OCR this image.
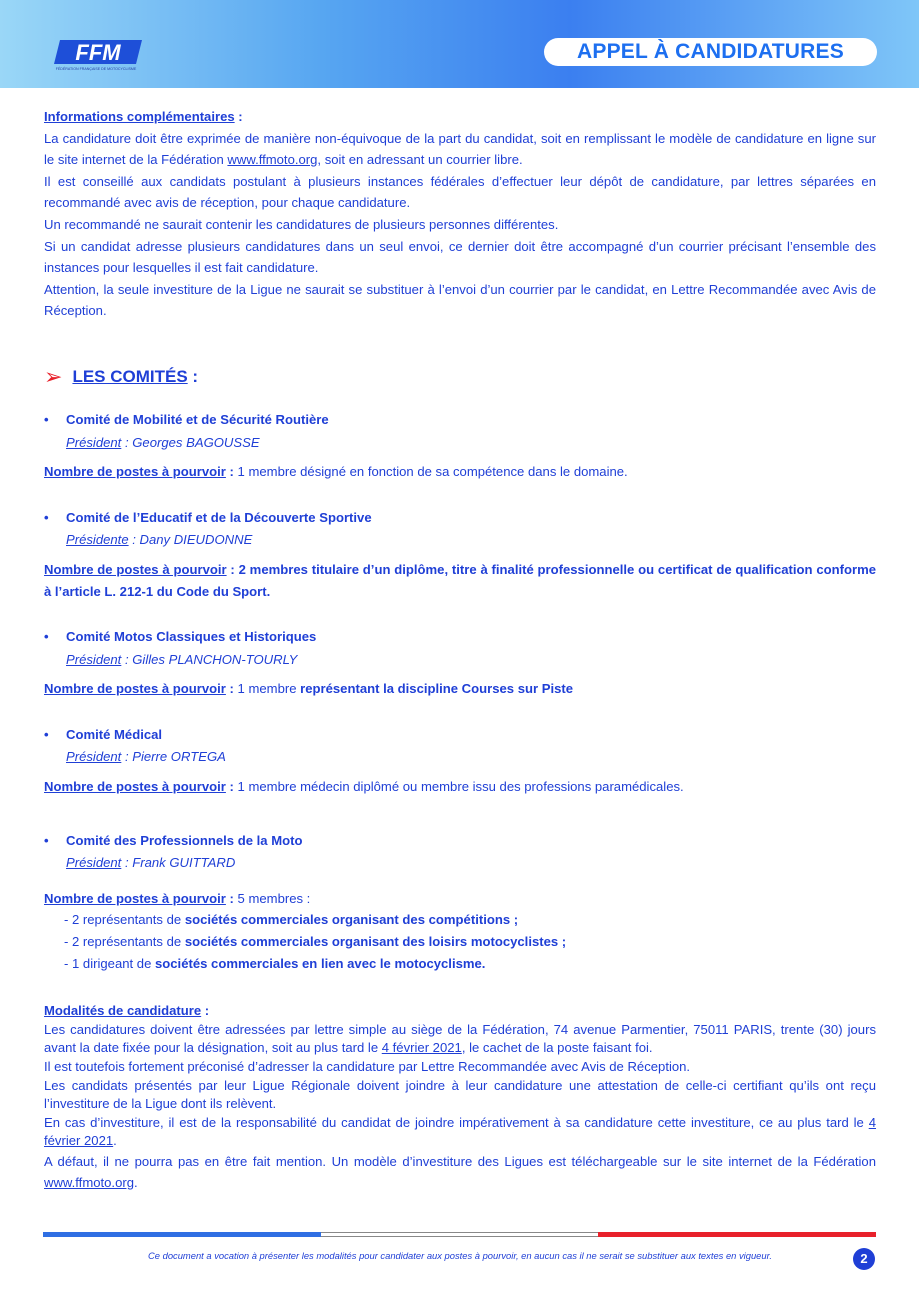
FFM
FÉDÉRATION FRANÇAISE DE MOTOCYCLISME
APPEL À CANDIDATURES
Informations complémentaires :

La candidature doit être exprimée de manière non-équivoque de la part du candidat, soit en remplissant le modèle de candidature en ligne sur le site internet de la Fédération www.ffmoto.org, soit en adressant un courrier libre.

Il est conseillé aux candidats postulant à plusieurs instances fédérales d’effectuer leur dépôt de candidature, par lettres séparées en recommandé avec avis de réception, pour chaque candidature.

Un recommandé ne saurait contenir les candidatures de plusieurs personnes différentes.

Si un candidat adresse plusieurs candidatures dans un seul envoi, ce dernier doit être accompagné d’un courrier précisant l’ensemble des instances pour lesquelles il est fait candidature.

Attention, la seule investiture de la Ligue ne saurait se substituer à l’envoi d’un courrier par le candidat, en Lettre Recommandée avec Avis de Réception.

➢ LES COMITÉS :
• Comité de Mobilité et de Sécurité Routière
Président : Georges BAGOUSSE
Nombre de postes à pourvoir : 1 membre désigné en fonction de sa compétence dans le domaine.
• Comité de l’Educatif et de la Découverte Sportive
Présidente : Dany DIEUDONNE
Nombre de postes à pourvoir : 2 membres titulaire d’un diplôme, titre à finalité professionnelle ou certificat de qualification conforme à l’article L. 212-1 du Code du Sport.
• Comité Motos Classiques et Historiques
Président : Gilles PLANCHON-TOURLY
Nombre de postes à pourvoir : 1 membre représentant la discipline Courses sur Piste
• Comité Médical
Président : Pierre ORTEGA
Nombre de postes à pourvoir : 1 membre médecin diplômé ou membre issu des professions paramédicales.
• Comité des Professionnels de la Moto
Président : Frank GUITTARD
Nombre de postes à pourvoir : 5 membres :
- 2 représentants de sociétés commerciales organisant des compétitions ;
- 2 représentants de sociétés commerciales organisant des loisirs motocyclistes ;
- 1 dirigeant de sociétés commerciales en lien avec le motocyclisme.
Modalités de candidature :

Les candidatures doivent être adressées par lettre simple au siège de la Fédération, 74 avenue Parmentier, 75011 PARIS, trente (30) jours avant la date fixée pour la désignation, soit au plus tard le 4 février 2021, le cachet de la poste faisant foi.

Il est toutefois fortement préconisé d’adresser la candidature par Lettre Recommandée avec Avis de Réception.

Les candidats présentés par leur Ligue Régionale doivent joindre à leur candidature une attestation de celle-ci certifiant qu’ils ont reçu l’investiture de la Ligue dont ils relèvent.

En cas d’investiture, il est de la responsabilité du candidat de joindre impérativement à sa candidature cette investiture, ce au plus tard le 4 février 2021.

A défaut, il ne pourra pas en être fait mention. Un modèle d’investiture des Ligues est téléchargeable sur le site internet de la Fédération www.ffmoto.org.

Ce document a vocation à présenter les modalités pour candidater aux postes à pourvoir, en aucun cas il ne serait se substituer aux textes en vigueur.	2
